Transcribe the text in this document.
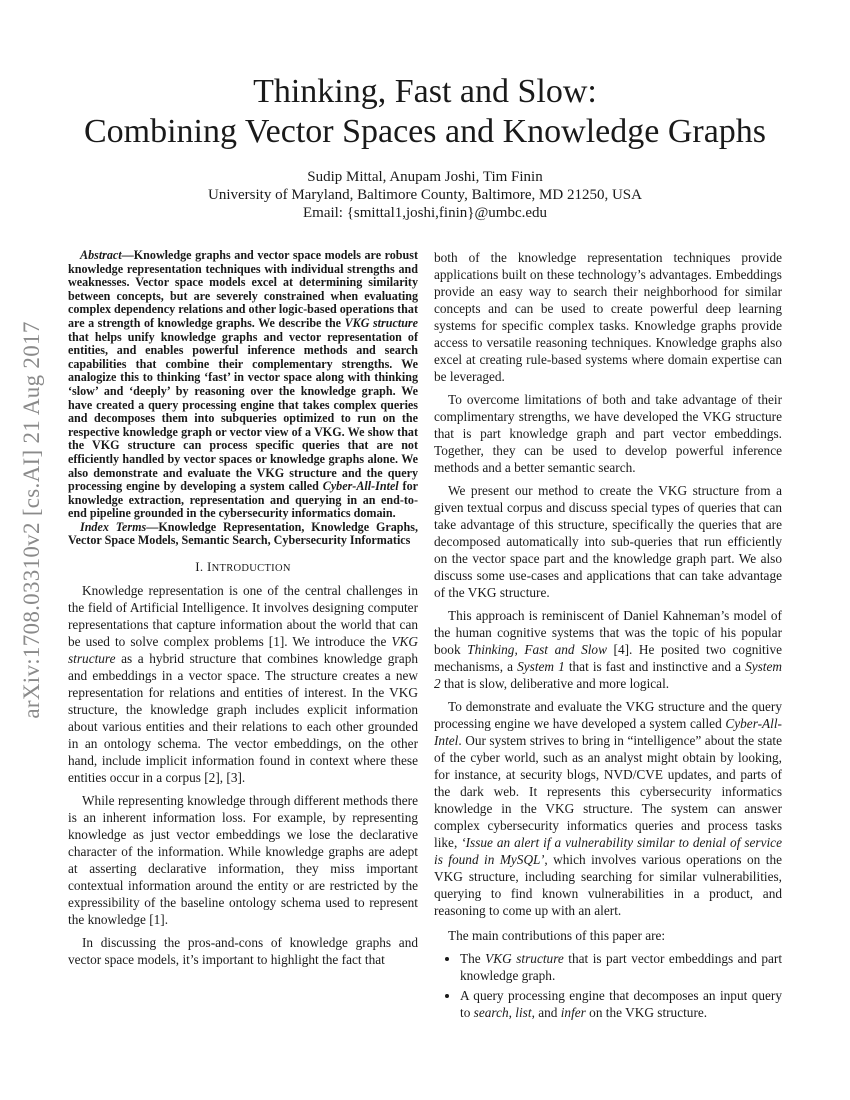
arXiv:1708.03310v2 [cs.AI] 21 Aug 2017
Thinking, Fast and Slow:
Combining Vector Spaces and Knowledge Graphs
Sudip Mittal, Anupam Joshi, Tim Finin
University of Maryland, Baltimore County, Baltimore, MD 21250, USA
Email: {smittal1,joshi,finin}@umbc.edu

Abstract—Knowledge graphs and vector space models are robust knowledge representation techniques with individual strengths and weaknesses. Vector space models excel at determining similarity between concepts, but are severely constrained when evaluating complex dependency relations and other logic-based operations that are a strength of knowledge graphs. We describe the VKG structure that helps unify knowledge graphs and vector representation of entities, and enables powerful inference methods and search capabilities that combine their complementary strengths. We analogize this to thinking ‘fast’ in vector space along with thinking ‘slow’ and ‘deeply’ by reasoning over the knowledge graph. We have created a query processing engine that takes complex queries and decomposes them into subqueries optimized to run on the respective knowledge graph or vector view of a VKG. We show that the VKG structure can process specific queries that are not efficiently handled by vector spaces or knowledge graphs alone. We also demonstrate and evaluate the VKG structure and the query processing engine by developing a system called Cyber-All-Intel for knowledge extraction, representation and querying in an end-to-end pipeline grounded in the cybersecurity informatics domain.

Index Terms—Knowledge Representation, Knowledge Graphs, Vector Space Models, Semantic Search, Cybersecurity Informatics

I. INTRODUCTION

Knowledge representation is one of the central challenges in the field of Artificial Intelligence. It involves designing computer representations that capture information about the world that can be used to solve complex problems [1]. We introduce the VKG structure as a hybrid structure that combines knowledge graph and embeddings in a vector space. The structure creates a new representation for relations and entities of interest. In the VKG structure, the knowledge graph includes explicit information about various entities and their relations to each other grounded in an ontology schema. The vector embeddings, on the other hand, include implicit information found in context where these entities occur in a corpus [2], [3].

While representing knowledge through different methods there is an inherent information loss. For example, by representing knowledge as just vector embeddings we lose the declarative character of the information. While knowledge graphs are adept at asserting declarative information, they miss important contextual information around the entity or are restricted by the expressibility of the baseline ontology schema used to represent the knowledge [1].

In discussing the pros-and-cons of knowledge graphs and vector space models, it’s important to highlight the fact that

both of the knowledge representation techniques provide applications built on these technology’s advantages. Embeddings provide an easy way to search their neighborhood for similar concepts and can be used to create powerful deep learning systems for specific complex tasks. Knowledge graphs provide access to versatile reasoning techniques. Knowledge graphs also excel at creating rule-based systems where domain expertise can be leveraged.

To overcome limitations of both and take advantage of their complimentary strengths, we have developed the VKG structure that is part knowledge graph and part vector embeddings. Together, they can be used to develop powerful inference methods and a better semantic search.

We present our method to create the VKG structure from a given textual corpus and discuss special types of queries that can take advantage of this structure, specifically the queries that are decomposed automatically into sub-queries that run efficiently on the vector space part and the knowledge graph part. We also discuss some use-cases and applications that can take advantage of the VKG structure.

This approach is reminiscent of Daniel Kahneman’s model of the human cognitive systems that was the topic of his popular book Thinking, Fast and Slow [4]. He posited two cognitive mechanisms, a System 1 that is fast and instinctive and a System 2 that is slow, deliberative and more logical.

To demonstrate and evaluate the VKG structure and the query processing engine we have developed a system called Cyber-All-Intel. Our system strives to bring in “intelligence” about the state of the cyber world, such as an analyst might obtain by looking, for instance, at security blogs, NVD/CVE updates, and parts of the dark web. It represents this cybersecurity informatics knowledge in the VKG structure. The system can answer complex cybersecurity informatics queries and process tasks like, ‘Issue an alert if a vulnerability similar to denial of service is found in MySQL’, which involves various operations on the VKG structure, including searching for similar vulnerabilities, querying to find known vulnerabilities in a product, and reasoning to come up with an alert.

The main contributions of this paper are:

• The VKG structure that is part vector embeddings and part knowledge graph.
• A query processing engine that decomposes an input query to search, list, and infer on the VKG structure.
